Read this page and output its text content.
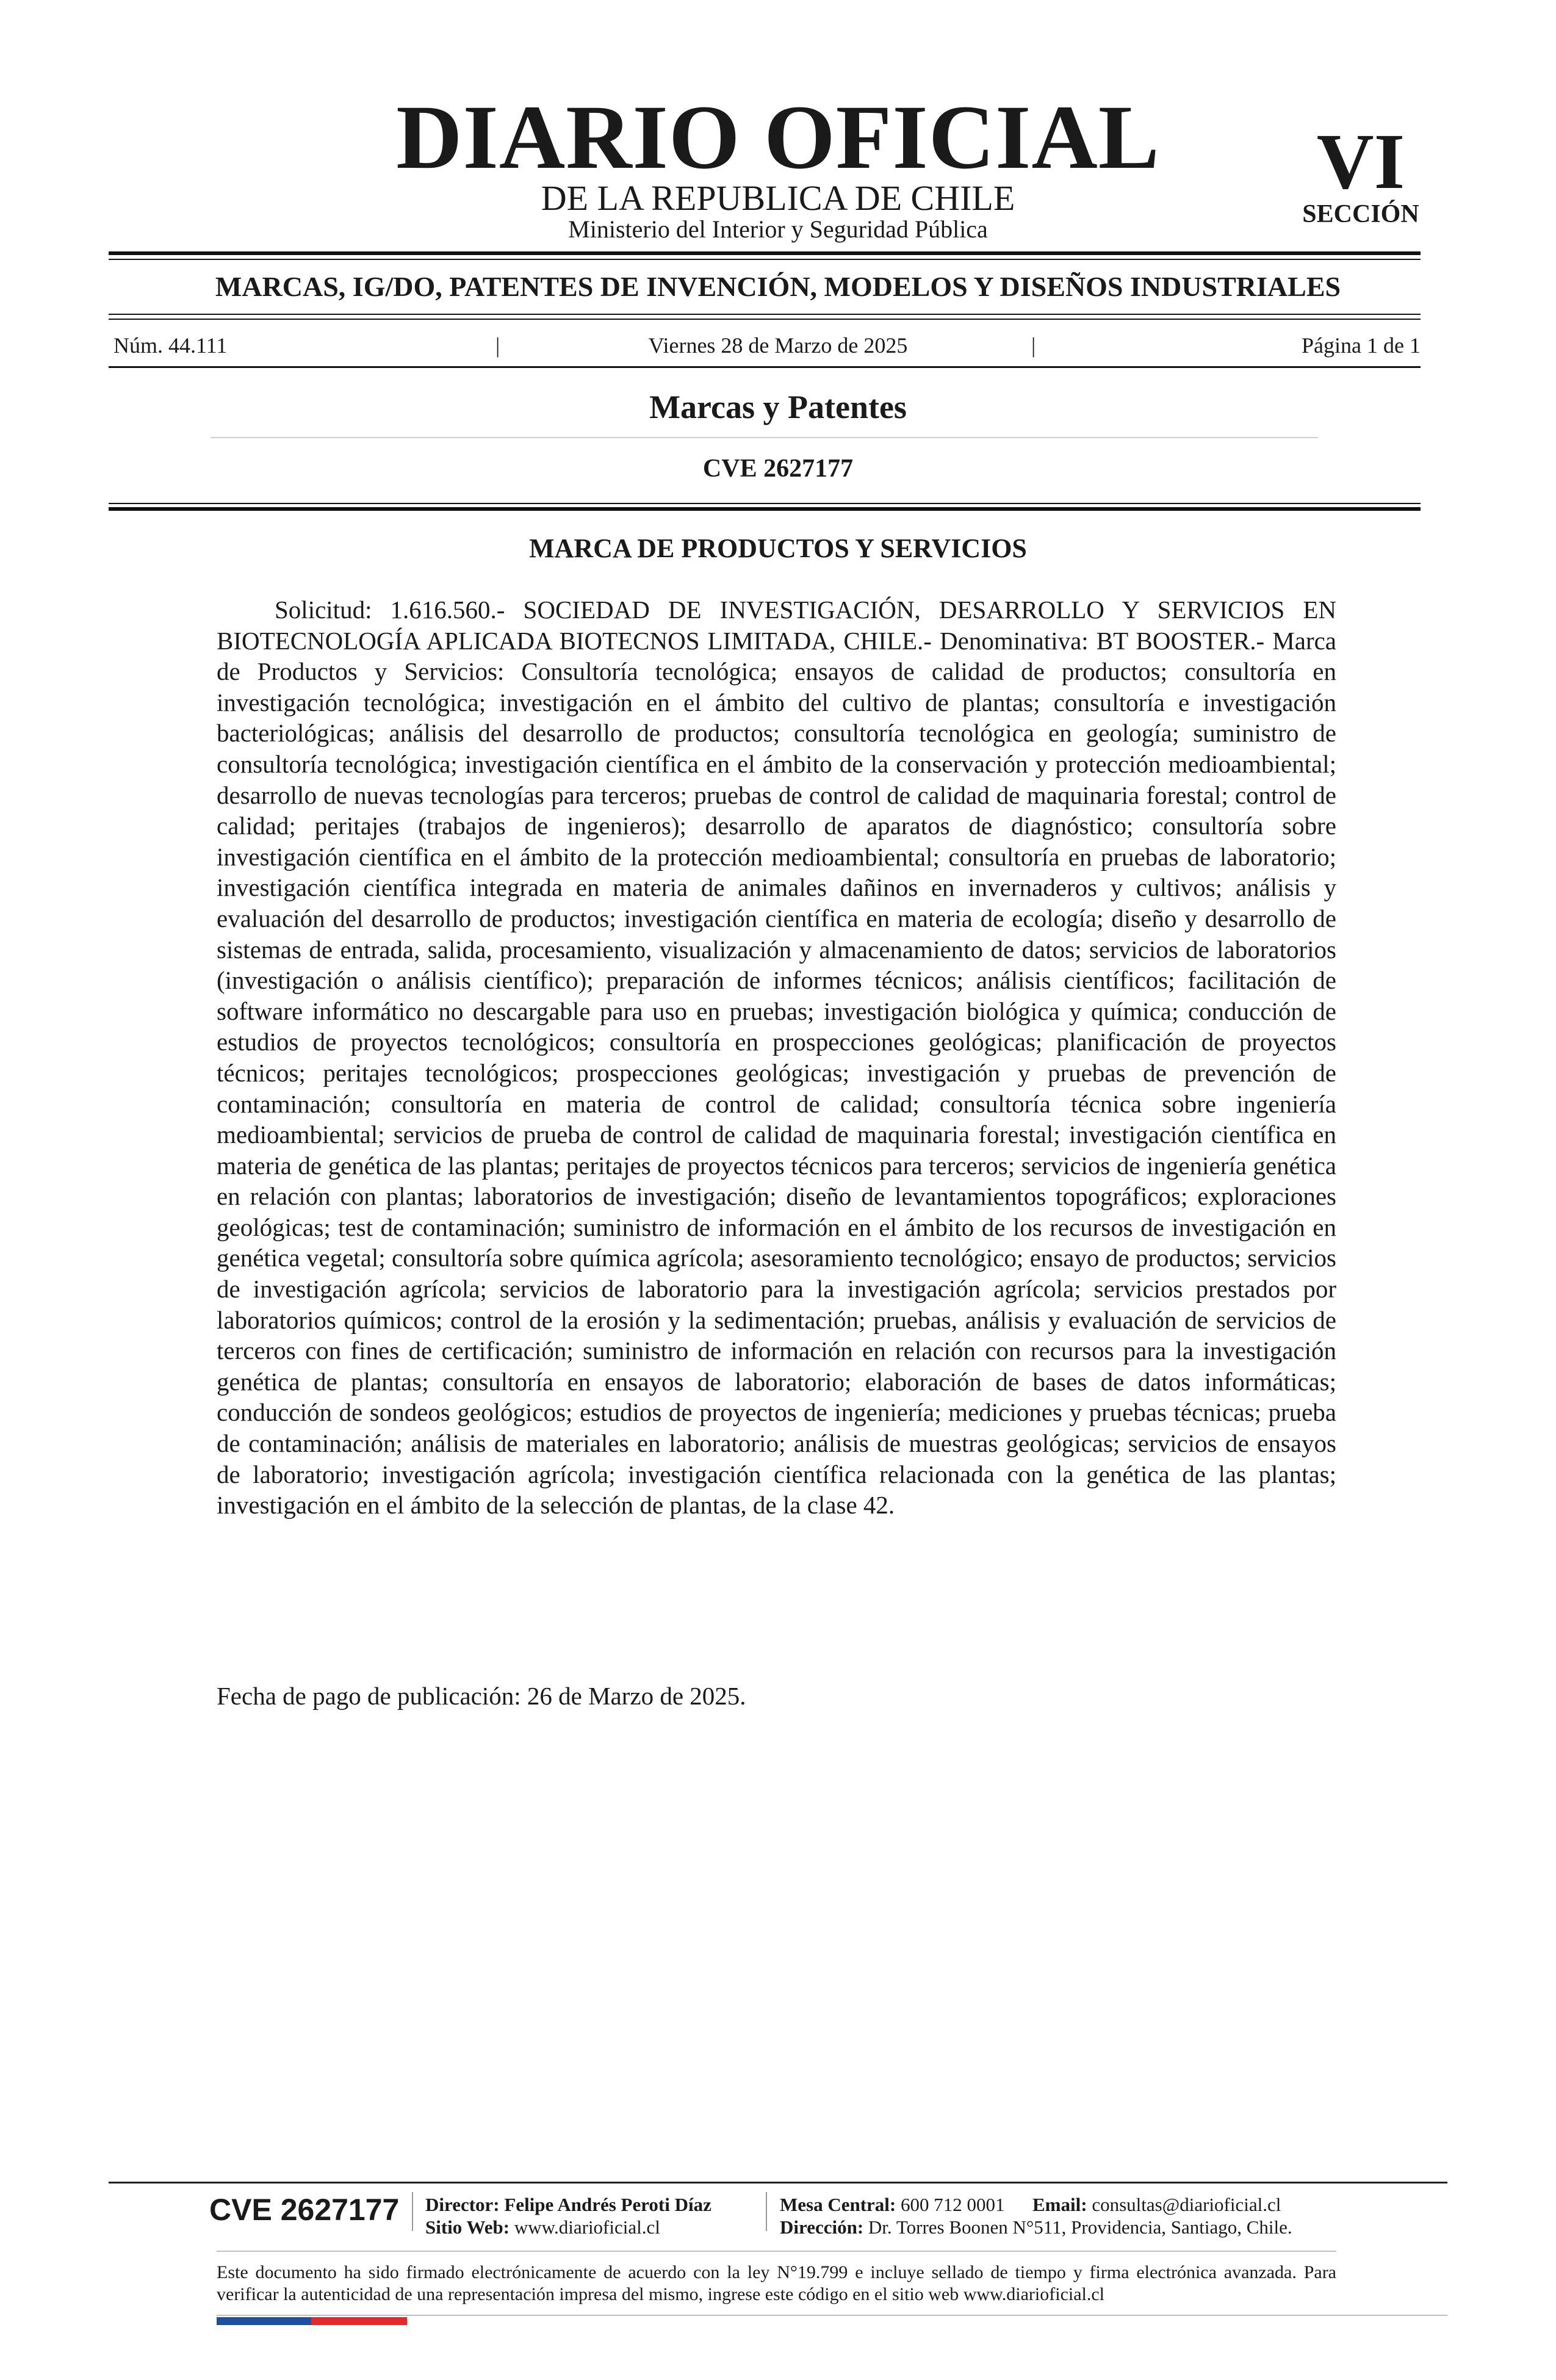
DIARIO OFICIAL
DE LA REPUBLICA DE CHILE
Ministerio del Interior y Seguridad Pública
VI
SECCIÓN
MARCAS, IG/DO, PATENTES DE INVENCIÓN, MODELOS Y DISEÑOS INDUSTRIALES
Núm. 44.111	|	Viernes 28 de Marzo de 2025	|	Página 1 de 1
Marcas y Patentes
CVE 2627177
MARCA DE PRODUCTOS Y SERVICIOS

Solicitud: 1.616.560.- SOCIEDAD DE INVESTIGACIÓN, DESARROLLO Y SERVICIOS EN BIOTECNOLOGÍA APLICADA BIOTECNOS LIMITADA, CHILE.- Denominativa: BT BOOSTER.- Marca de Productos y Servicios: Consultoría tecnológica; ensayos de calidad de productos; consultoría en investigación tecnológica; investigación en el ámbito del cultivo de plantas; consultoría e investigación bacteriológicas; análisis del desarrollo de productos; consultoría tecnológica en geología; suministro de consultoría tecnológica; investigación científica en el ámbito de la conservación y protección medioambiental; desarrollo de nuevas tecnologías para terceros; pruebas de control de calidad de maquinaria forestal; control de calidad; peritajes (trabajos de ingenieros); desarrollo de aparatos de diagnóstico; consultoría sobre investigación científica en el ámbito de la protección medioambiental; consultoría en pruebas de laboratorio; investigación científica integrada en materia de animales dañinos en invernaderos y cultivos; análisis y evaluación del desarrollo de productos; investigación científica en materia de ecología; diseño y desarrollo de sistemas de entrada, salida, procesamiento, visualización y almacenamiento de datos; servicios de laboratorios (investigación o análisis científico); preparación de informes técnicos; análisis científicos; facilitación de software informático no descargable para uso en pruebas; investigación biológica y química; conducción de estudios de proyectos tecnológicos; consultoría en prospecciones geológicas; planificación de proyectos técnicos; peritajes tecnológicos; prospecciones geológicas; investigación y pruebas de prevención de contaminación; consultoría en materia de control de calidad; consultoría técnica sobre ingeniería medioambiental; servicios de prueba de control de calidad de maquinaria forestal; investigación científica en materia de genética de las plantas; peritajes de proyectos técnicos para terceros; servicios de ingeniería genética en relación con plantas; laboratorios de investigación; diseño de levantamientos topográficos; exploraciones geológicas; test de contaminación; suministro de información en el ámbito de los recursos de investigación en genética vegetal; consultoría sobre química agrícola; asesoramiento tecnológico; ensayo de productos; servicios de investigación agrícola; servicios de laboratorio para la investigación agrícola; servicios prestados por laboratorios químicos; control de la erosión y la sedimentación; pruebas, análisis y evaluación de servicios de terceros con fines de certificación; suministro de información en relación con recursos para la investigación genética de plantas; consultoría en ensayos de laboratorio; elaboración de bases de datos informáticas; conducción de sondeos geológicos; estudios de proyectos de ingeniería; mediciones y pruebas técnicas; prueba de contaminación; análisis de materiales en laboratorio; análisis de muestras geológicas; servicios de ensayos de laboratorio; investigación agrícola; investigación científica relacionada con la genética de las plantas; investigación en el ámbito de la selección de plantas, de la clase 42.

Fecha de pago de publicación: 26 de Marzo de 2025.

CVE 2627177 Director: Felipe Andrés Peroti Díaz
Sitio Web: www.diarioficial.cl
Mesa Central: 600 712 0001 Email: consultas@diarioficial.cl
Dirección: Dr. Torres Boonen N°511, Providencia, Santiago, Chile.

Este documento ha sido firmado electrónicamente de acuerdo con la ley N°19.799 e incluye sellado de tiempo y firma electrónica avanzada. Para verificar la autenticidad de una representación impresa del mismo, ingrese este código en el sitio web www.diarioficial.cl
